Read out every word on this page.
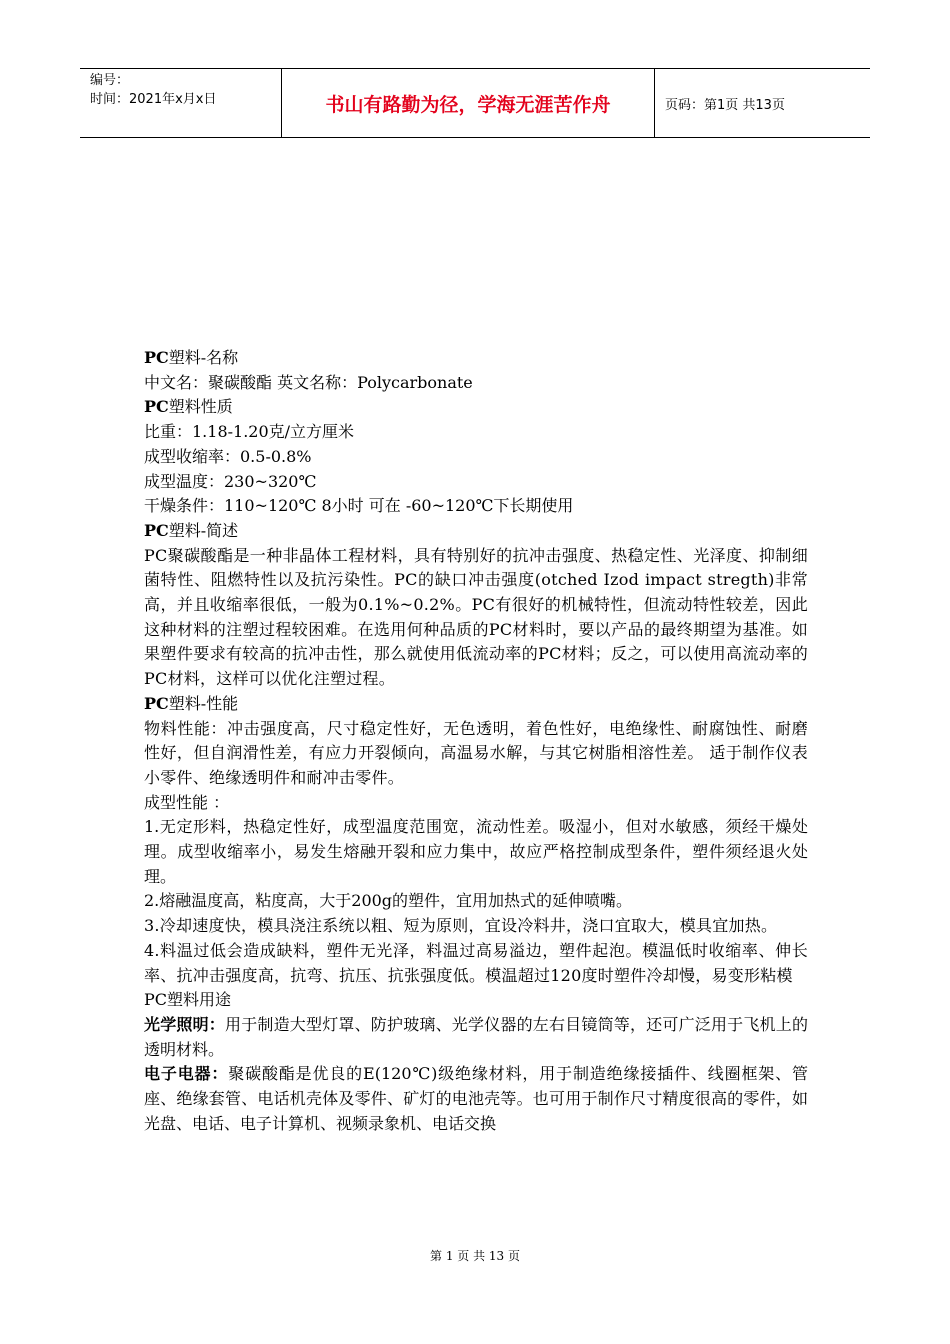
编号：
时间：2021年x月x日	书山有路勤为径，学海无涯苦作舟	页码：第1页 共13页

PC塑料-名称

中文名：聚碳酸酯 英文名称：Polycarbonate

PC塑料性质

比重：1.18-1.20克/立方厘米

成型收缩率：0.5-0.8%

成型温度：230~320℃

干燥条件：110~120℃ 8小时 可在 -60~120℃下长期使用

PC塑料-简述

PC聚碳酸酯是一种非晶体工程材料，具有特别好的抗冲击强度、热稳定性、光泽度、抑制细菌特性、阻燃特性以及抗污染性。PC的缺口冲击强度(otched Izod impact stregth)非常高，并且收缩率很低，一般为0.1%~0.2%。PC有很好的机械特性，但流动特性较差，因此这种材料的注塑过程较困难。在选用何种品质的PC材料时，要以产品的最终期望为基准。如果塑件要求有较高的抗冲击性，那么就使用低流动率的PC材料；反之，可以使用高流动率的PC材料，这样可以优化注塑过程。

PC塑料-性能

物料性能：冲击强度高，尺寸稳定性好，无色透明，着色性好，电绝缘性、耐腐蚀性、耐磨性好，但自润滑性差，有应力开裂倾向，高温易水解，与其它树脂相溶性差。 适于制作仪表小零件、绝缘透明件和耐冲击零件。

成型性能 ：

1.无定形料，热稳定性好，成型温度范围宽，流动性差。吸湿小，但对水敏感，须经干燥处理。成型收缩率小，易发生熔融开裂和应力集中，故应严格控制成型条件，塑件须经退火处理。

2.熔融温度高，粘度高，大于200g的塑件，宜用加热式的延伸喷嘴。

3.冷却速度快，模具浇注系统以粗、短为原则，宜设冷料井，浇口宜取大，模具宜加热。

4.料温过低会造成缺料，塑件无光泽，料温过高易溢边，塑件起泡。模温低时收缩率、伸长率、抗冲击强度高，抗弯、抗压、抗张强度低。模温超过120度时塑件冷却慢，易变形粘模

PC塑料用途

光学照明：用于制造大型灯罩、防护玻璃、光学仪器的左右目镜筒等，还可广泛用于飞机上的透明材料。

电子电器：聚碳酸酯是优良的E(120℃)级绝缘材料，用于制造绝缘接插件、线圈框架、管座、绝缘套管、电话机壳体及零件、矿灯的电池壳等。也可用于制作尺寸精度很高的零件，如光盘、电话、电子计算机、视频录象机、电话交换

第 1 页 共 13 页
